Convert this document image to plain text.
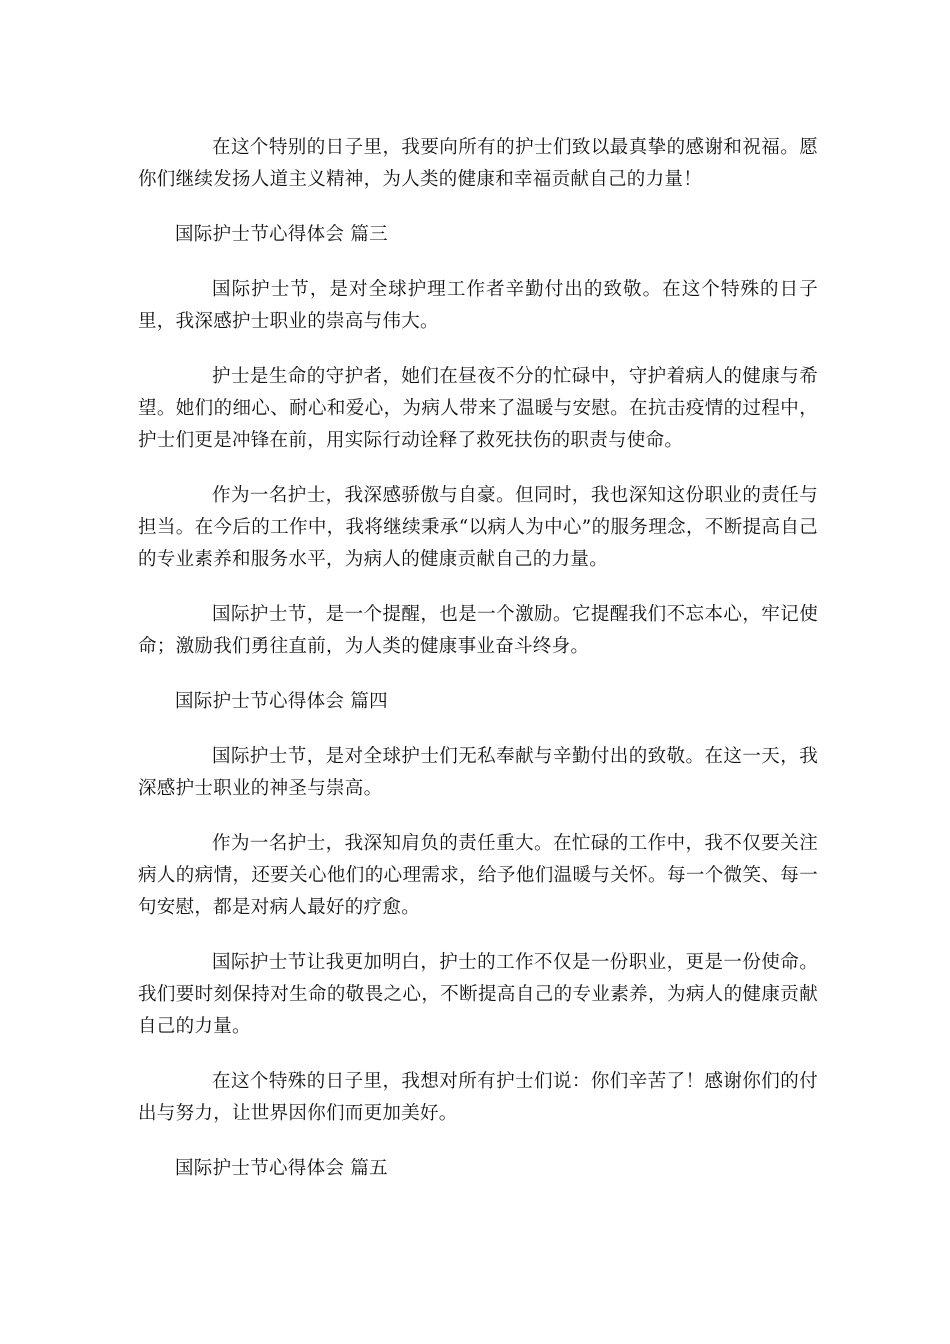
在这个特别的日子里，我要向所有的护士们致以最真挚的感谢和祝福。愿你们继续发扬人道主义精神，为人类的健康和幸福贡献自己的力量！

国际护士节心得体会 篇三

国际护士节，是对全球护理工作者辛勤付出的致敬。在这个特殊的日子里，我深感护士职业的崇高与伟大。

护士是生命的守护者，她们在昼夜不分的忙碌中，守护着病人的健康与希望。她们的细心、耐心和爱心，为病人带来了温暖与安慰。在抗击疫情的过程中，护士们更是冲锋在前，用实际行动诠释了救死扶伤的职责与使命。

作为一名护士，我深感骄傲与自豪。但同时，我也深知这份职业的责任与担当。在今后的工作中，我将继续秉承“以病人为中心”的服务理念，不断提高自己的专业素养和服务水平，为病人的健康贡献自己的力量。

国际护士节，是一个提醒，也是一个激励。它提醒我们不忘本心，牢记使命；激励我们勇往直前，为人类的健康事业奋斗终身。

国际护士节心得体会 篇四

国际护士节，是对全球护士们无私奉献与辛勤付出的致敬。在这一天，我深感护士职业的神圣与崇高。

作为一名护士，我深知肩负的责任重大。在忙碌的工作中，我不仅要关注病人的病情，还要关心他们的心理需求，给予他们温暖与关怀。每一个微笑、每一句安慰，都是对病人最好的疗愈。

国际护士节让我更加明白，护士的工作不仅是一份职业，更是一份使命。我们要时刻保持对生命的敬畏之心，不断提高自己的专业素养，为病人的健康贡献自己的力量。

在这个特殊的日子里，我想对所有护士们说：你们辛苦了！感谢你们的付出与努力，让世界因你们而更加美好。

国际护士节心得体会 篇五
